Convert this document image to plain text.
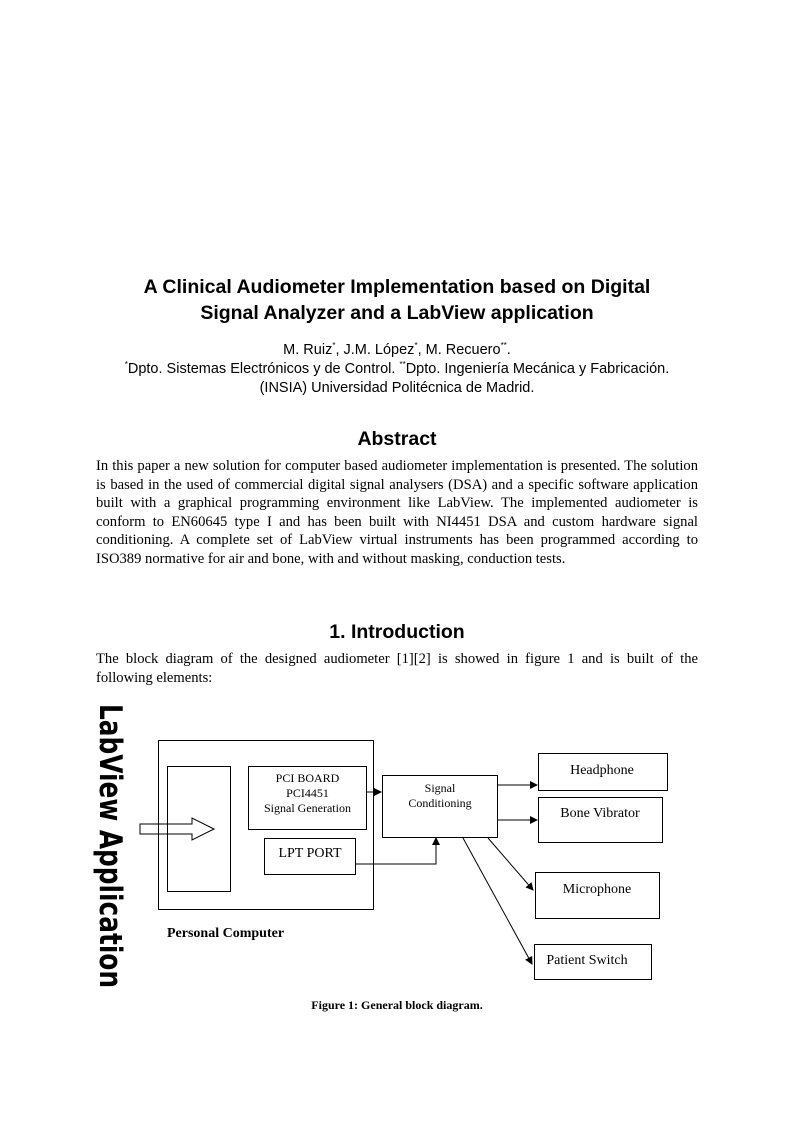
A Clinical Audiometer Implementation based on Digital
Signal Analyzer and a LabView application
M. Ruiz*, J.M. López*, M. Recuero**.
*Dpto. Sistemas Electrónicos y de Control. **Dpto. Ingeniería Mecánica y Fabricación.
(INSIA) Universidad Politécnica de Madrid.
Abstract
In this paper a new solution for computer based audiometer implementation is presented. The solution is based in the used of commercial digital signal analysers (DSA) and a specific software application built with a graphical programming environment like LabView. The implemented audiometer is conform to EN60645 type I and has been built with NI4451 DSA and custom hardware signal conditioning. A complete set of LabView virtual instruments has been programmed according to ISO389 normative for air and bone, with and without masking, conduction tests.
1. Introduction
The block diagram of the designed audiometer [1][2] is showed in figure 1 and is built of the following elements:
LabView Application	PCI BOARD
PCI4451
Signal Generation
LPT PORT
Signal
Conditioning
Headphone
Bone Vibrator
Microphone
Patient Switch
Personal Computer
Figure 1: General block diagram.
